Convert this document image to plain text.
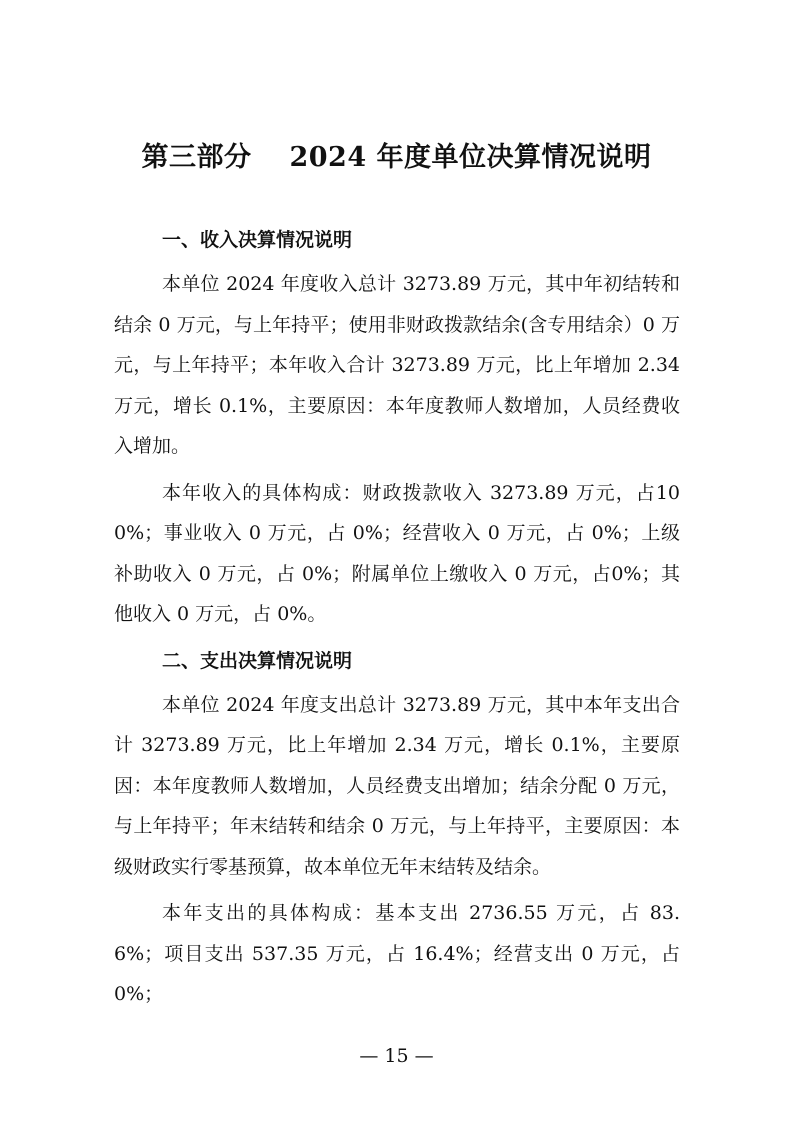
第三部分 2024 年度单位决算情况说明
一、收入决算情况说明

本单位 2024 年度收入总计 3273.89 万元，其中年初结转和结余 0 万元，与上年持平；使用非财政拨款结余(含专用结余）0 万元，与上年持平；本年收入合计 3273.89 万元，比上年增加 2.34 万元，增长 0.1%，主要原因：本年度教师人数增加，人员经费收入增加。

本年收入的具体构成：财政拨款收入 3273.89 万元，占100%；事业收入 0 万元，占 0%；经营收入 0 万元，占 0%；上级补助收入 0 万元，占 0%；附属单位上缴收入 0 万元，占0%；其他收入 0 万元，占 0%。

二、支出决算情况说明

本单位 2024 年度支出总计 3273.89 万元，其中本年支出合计 3273.89 万元，比上年增加 2.34 万元，增长 0.1%，主要原因：本年度教师人数增加，人员经费支出增加；结余分配 0 万元，与上年持平；年末结转和结余 0 万元，与上年持平，主要原因：本级财政实行零基预算，故本单位无年末结转及结余。

本年支出的具体构成：基本支出 2736.55 万元，占 83.6%；项目支出 537.35 万元，占 16.4%；经营支出 0 万元，占 0%；

— 15 —
